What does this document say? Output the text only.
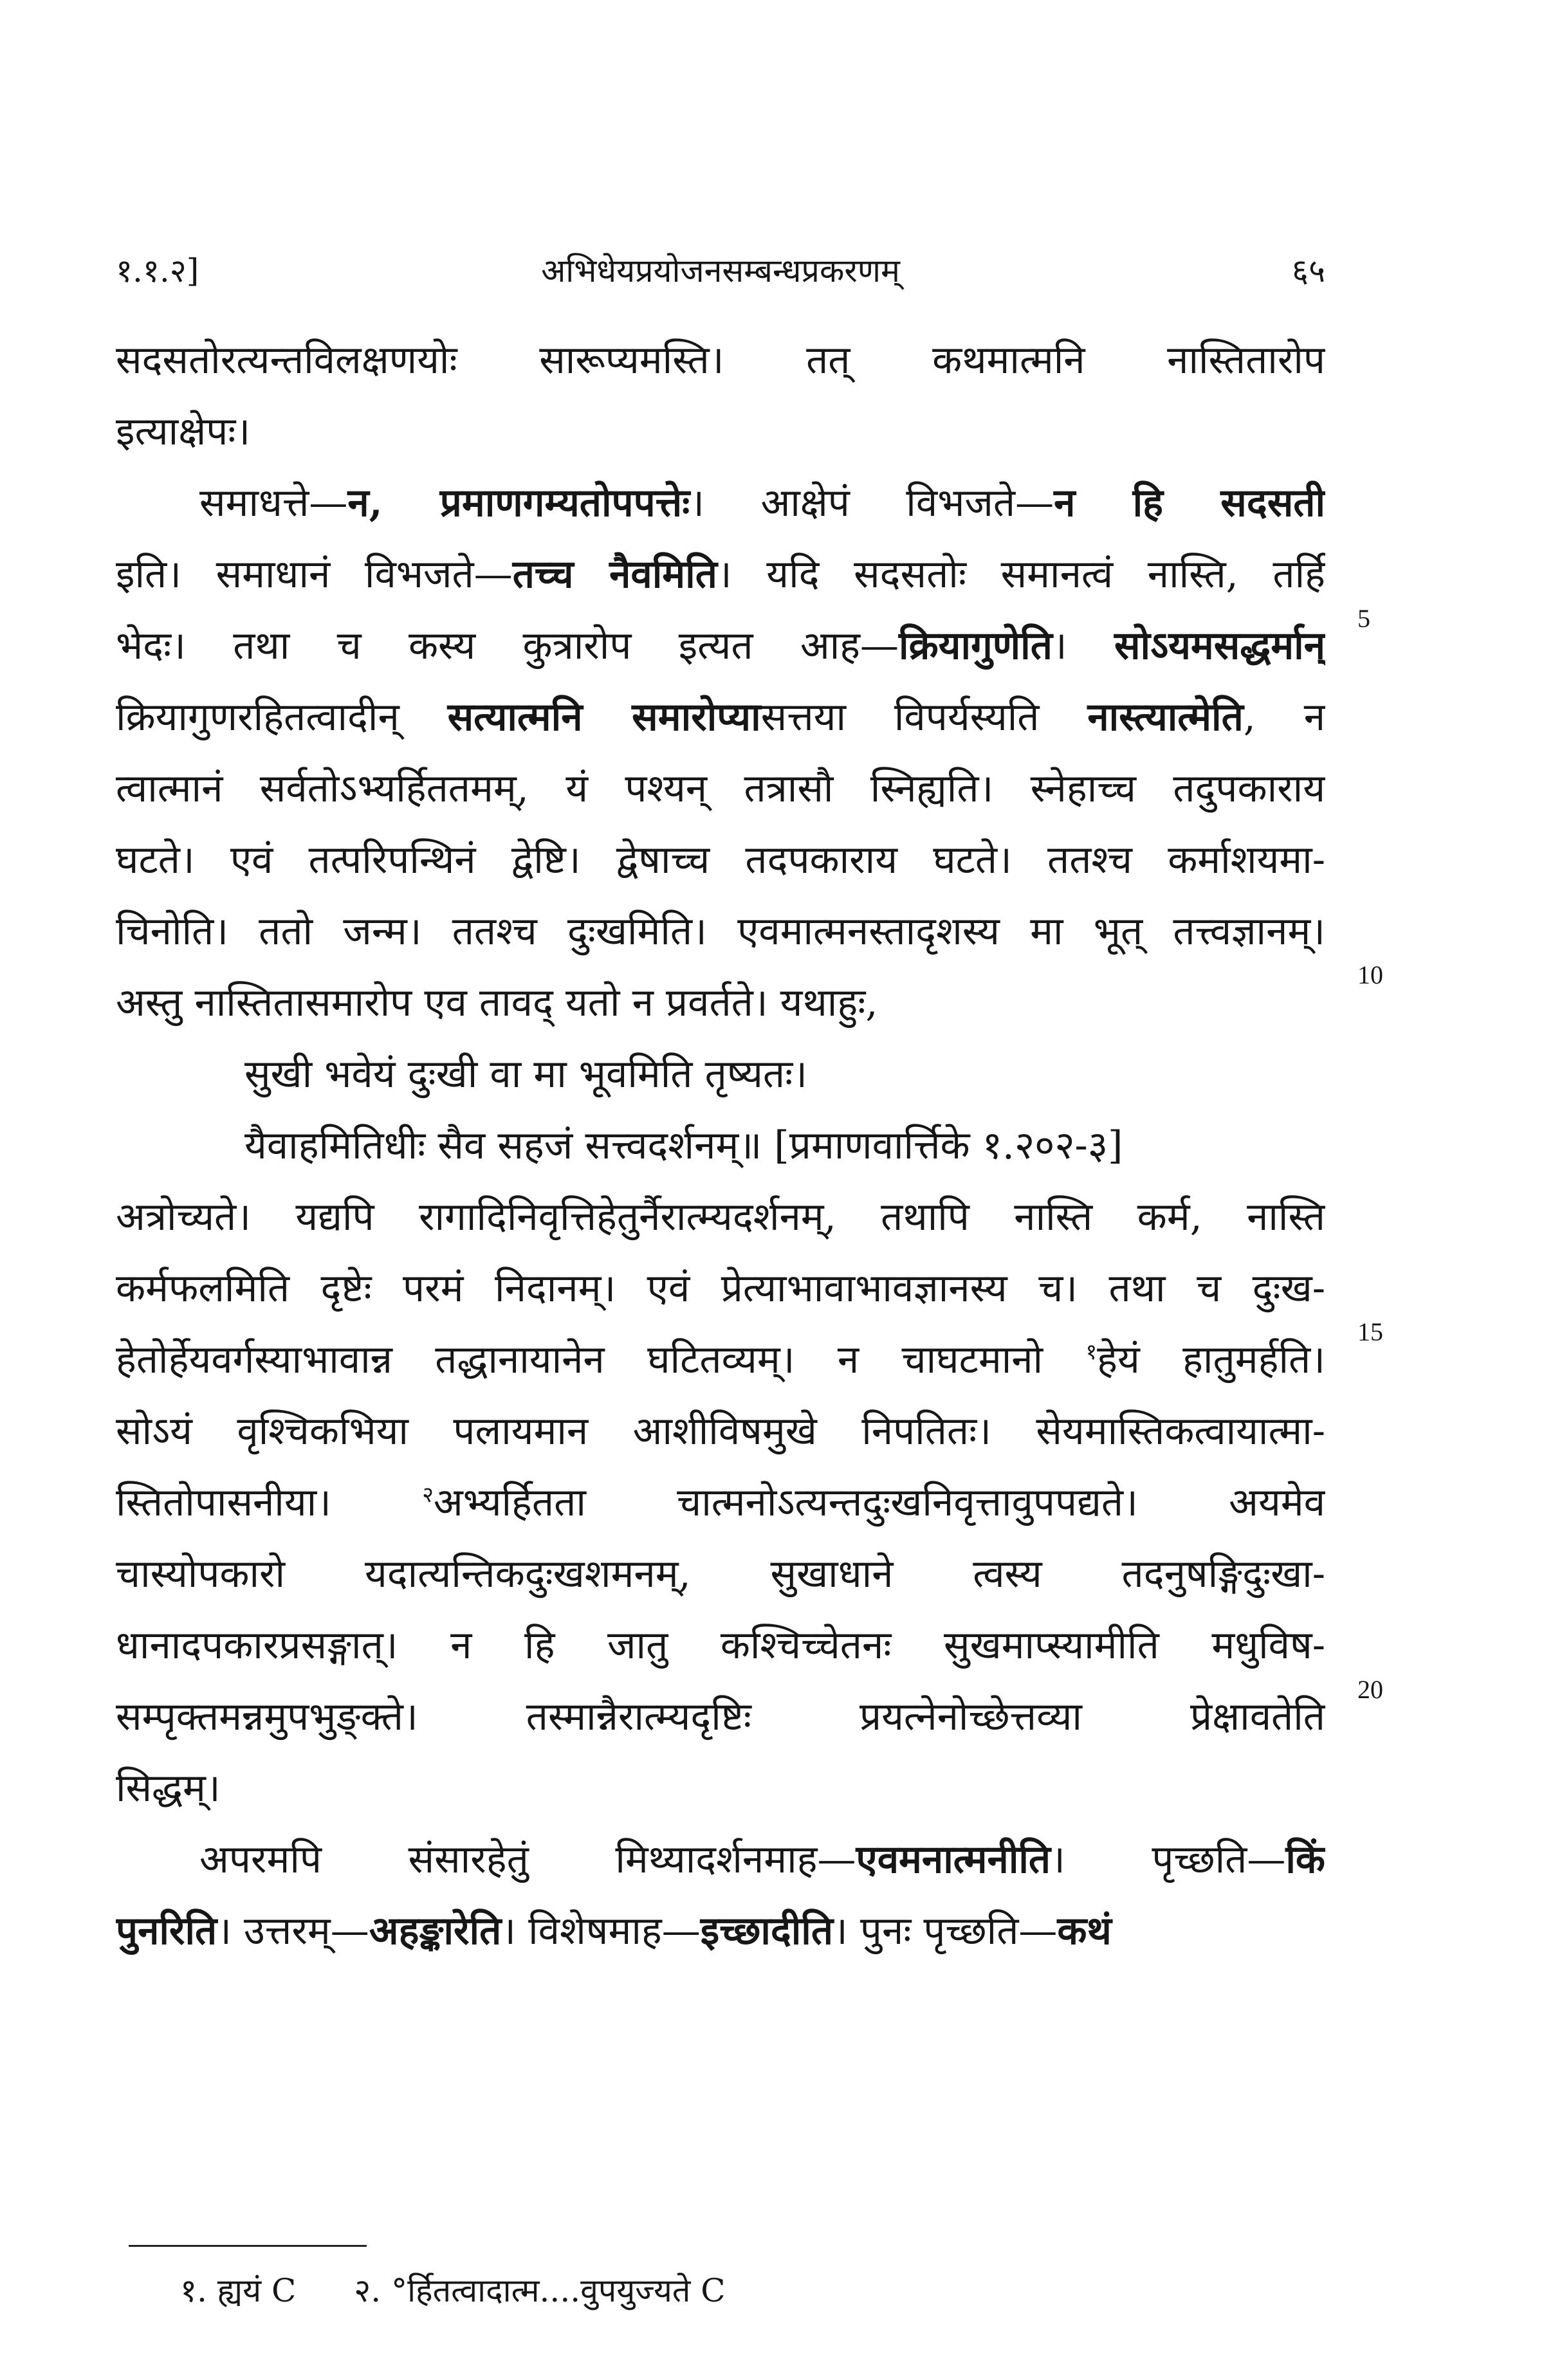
१.१.२]	अभिधेयप्रयोजनसम्बन्धप्रकरणम्	६५
सदसतोरत्यन्तविलक्षणयोः सारूप्यमस्ति। तत् कथमात्मनि नास्तितारोप
इत्याक्षेपः।
समाधत्ते—न, प्रमाणगम्यतोपपत्तेः। आक्षेपं विभजते—न हि सदसती
इति। समाधानं विभजते—तच्च नैवमिति। यदि सदसतोः समानत्वं नास्ति, तर्हि
भेदः। तथा च कस्य कुत्रारोप इत्यत आह—क्रियागुणेति। सोऽयमसद्धर्मान्
क्रियागुणरहितत्वादीन् सत्यात्मनि समारोप्यासत्तया विपर्यस्यति नास्त्यात्मेति, न
त्वात्मानं सर्वतोऽभ्यर्हिततमम्, यं पश्यन् तत्रासौ स्निह्यति। स्नेहाच्च तदुपकाराय
घटते। एवं तत्परिपन्थिनं द्वेष्टि। द्वेषाच्च तदपकाराय घटते। ततश्च कर्माशयमा-
चिनोति। ततो जन्म। ततश्च दुःखमिति। एवमात्मनस्तादृशस्य मा भूत् तत्त्वज्ञानम्।
अस्तु नास्तितासमारोप एव तावद् यतो न प्रवर्तते। यथाहुः,
सुखी भवेयं दुःखी वा मा भूवमिति तृष्यतः।
यैवाहमितिधीः सैव सहजं सत्त्वदर्शनम्॥ [प्रमाणवार्त्तिके १.२०२-३]
अत्रोच्यते। यद्यपि रागादिनिवृत्तिहेतुर्नैरात्म्यदर्शनम्, तथापि नास्ति कर्म, नास्ति
कर्मफलमिति दृष्टेः परमं निदानम्। एवं प्रेत्याभावाभावज्ञानस्य च। तथा च दुःख-
हेतोर्हेयवर्गस्याभावान्न तद्धानायानेन घटितव्यम्। न चाघटमानो $^१$हेयं हातुमर्हति।
सोऽयं वृश्चिकभिया पलायमान आशीविषमुखे निपतितः। सेयमास्तिकत्वायात्मा-
स्तितोपासनीया। $^२$अभ्यर्हितता चात्मनोऽत्यन्तदुःखनिवृत्तावुपपद्यते। अयमेव
चास्योपकारो यदात्यन्तिकदुःखशमनम्, सुखाधाने त्वस्य तदनुषङ्गिदुःखा-
धानादपकारप्रसङ्गात्। न हि जातु कश्चिच्चेतनः सुखमाप्स्यामीति मधुविष-
सम्पृक्तमन्नमुपभुङ्क्ते। तस्मान्नैरात्म्यदृष्टिः प्रयत्नेनोच्छेत्तव्या प्रेक्षावतेति
सिद्धम्।
अपरमपि संसारहेतुं मिथ्यादर्शनमाह—एवमनात्मनीति। पृच्छति—किं
पुनरिति। उत्तरम्—अहङ्कारेति। विशेषमाह—इच्छादीति। पुनः पृच्छति—कथं
5
10
15
20
१. ह्ययं C २. °र्हितत्वादात्म....वुपयुज्यते C
